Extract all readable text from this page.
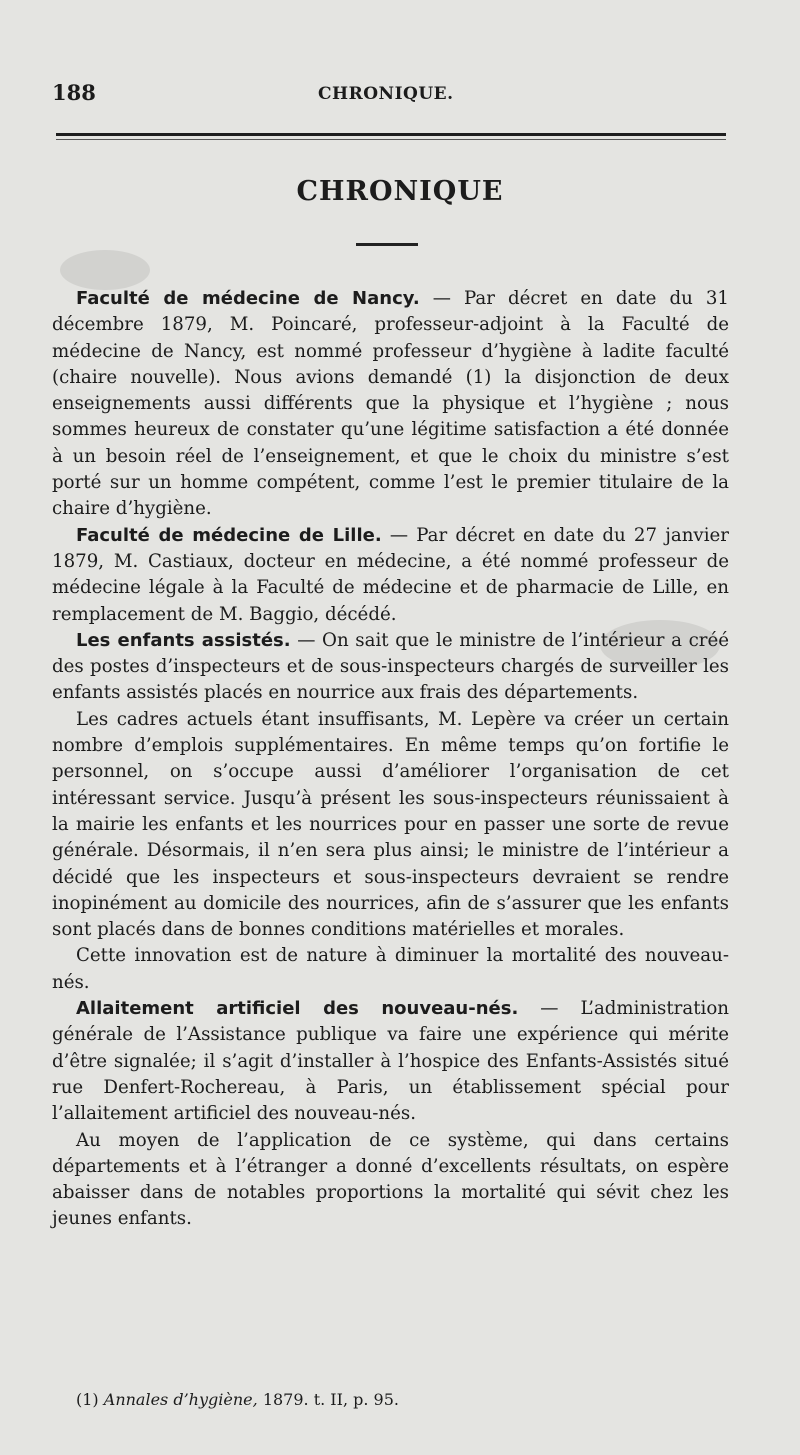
188	CHRONIQUE.
CHRONIQUE

Faculté de médecine de Nancy. — Par décret en date du 31 décembre 1879, M. Poincaré, professeur-adjoint à la Faculté de médecine de Nancy, est nommé professeur d’hygiène à ladite faculté (chaire nouvelle). Nous avions demandé (1) la disjonction de deux enseignements aussi différents que la physique et l’hygiène ; nous sommes heureux de constater qu’une légitime satisfaction a été donnée à un besoin réel de l’enseignement, et que le choix du ministre s’est porté sur un homme compétent, comme l’est le premier titulaire de la chaire d’hygiène.

Faculté de médecine de Lille. — Par décret en date du 27 janvier 1879, M. Castiaux, docteur en médecine, a été nommé professeur de médecine légale à la Faculté de médecine et de pharmacie de Lille, en remplacement de M. Baggio, décédé.

Les enfants assistés. — On sait que le ministre de l’intérieur a créé des postes d’inspecteurs et de sous-inspecteurs chargés de surveiller les enfants assistés placés en nourrice aux frais des départements.

Les cadres actuels étant insuffisants, M. Lepère va créer un certain nombre d’emplois supplémentaires. En même temps qu’on fortifie le personnel, on s’occupe aussi d’améliorer l’organisation de cet intéressant service. Jusqu’à présent les sous-inspecteurs réunissaient à la mairie les enfants et les nourrices pour en passer une sorte de revue générale. Désormais, il n’en sera plus ainsi; le ministre de l’intérieur a décidé que les inspecteurs et sous-inspecteurs devraient se rendre inopinément au domicile des nourrices, afin de s’assurer que les enfants sont placés dans de bonnes conditions matérielles et morales.

Cette innovation est de nature à diminuer la mortalité des nouveau-nés.

Allaitement artificiel des nouveau-nés. — L’administration générale de l’Assistance publique va faire une expérience qui mérite d’être signalée; il s’agit d’installer à l’hospice des Enfants-Assistés situé rue Denfert-Rochereau, à Paris, un établissement spécial pour l’allaitement artificiel des nouveau-nés.

Au moyen de l’application de ce système, qui dans certains départements et à l’étranger a donné d’excellents résultats, on espère abaisser dans de notables proportions la mortalité qui sévit chez les jeunes enfants.

(1) Annales d’hygiène, 1879. t. II, p. 95.
